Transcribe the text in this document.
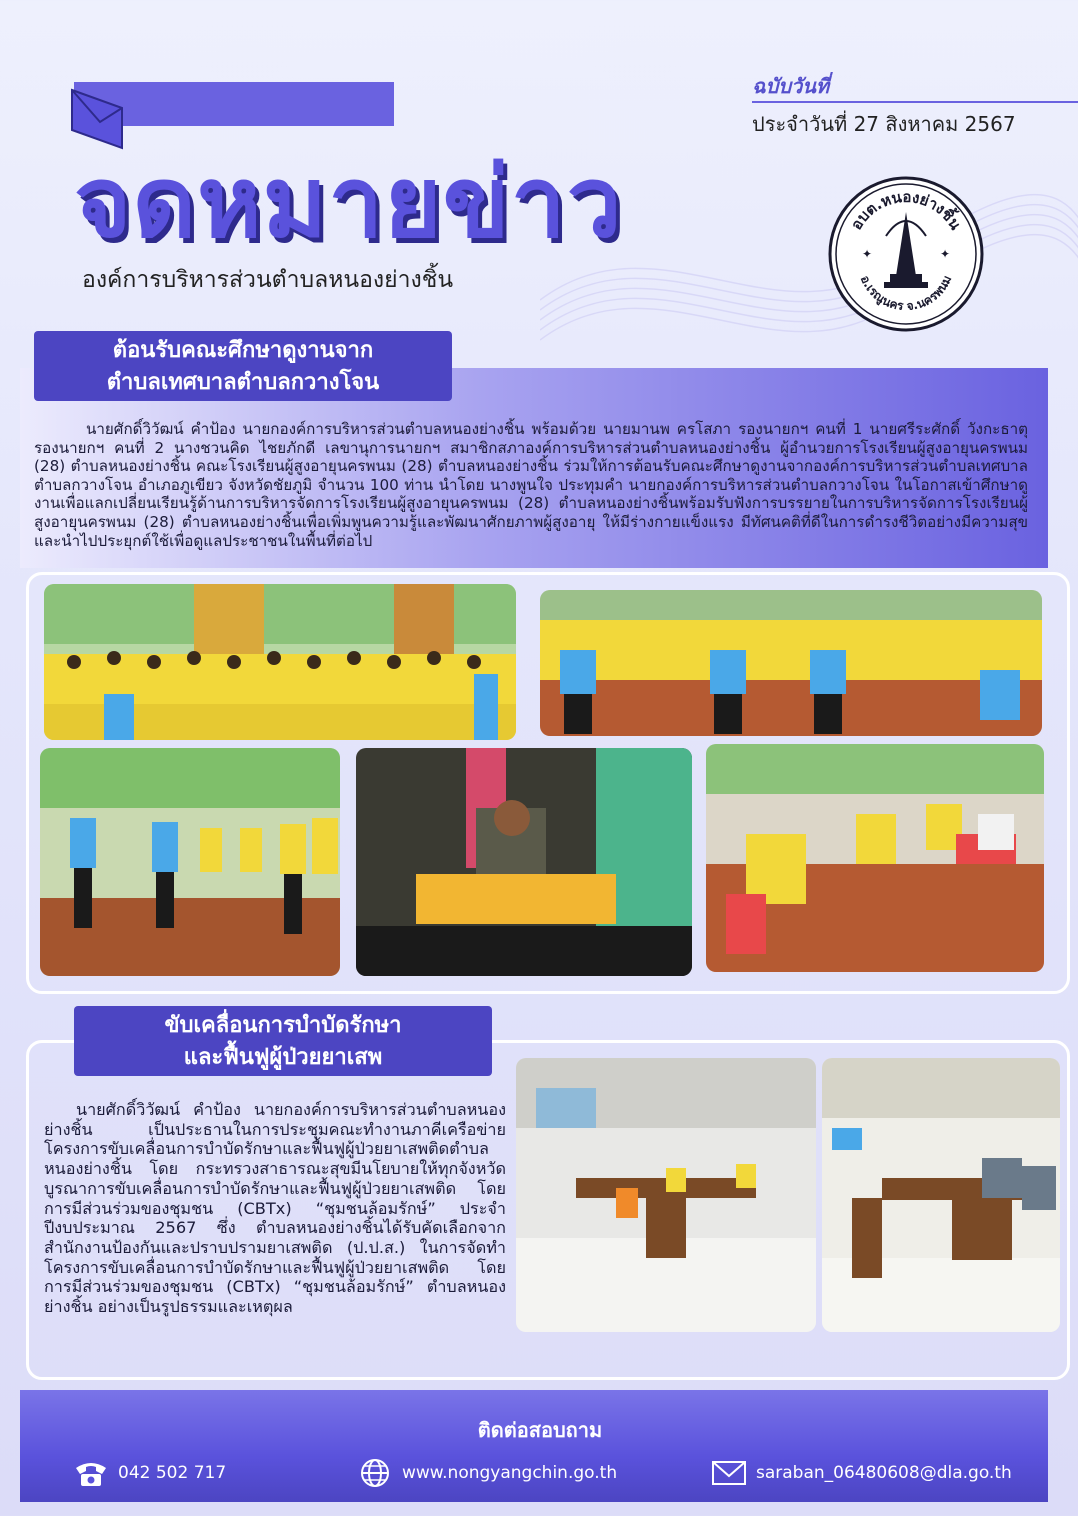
ฉบับวันที่
ประจำวันที่ 27 สิงหาคม 2567
จดหมายข่าว
องค์การบริหารส่วนตำบลหนองย่างชิ้น
อบต.หนองย่างชิ้น
อ.เรณูนคร จ.นครพนม
✦	✦
ต้อนรับคณะศึกษาดูงานจาก
ตำบลเทศบาลตำบลกวางโจน
นายศักดิ์วิวัฒน์ คำป้อง นายกองค์การบริหารส่วนตำบลหนองย่างชิ้น พร้อมด้วย นายมานพ ครโสภา รองนายกฯ คนที่ 1 นายศรีระศักดิ์ วังกะธาตุ รองนายกฯ คนที่ 2 นางชวนคิด ไชยภักดี เลขานุการนายกฯ สมาชิกสภาองค์การบริหารส่วนตำบลหนองย่างชิ้น ผู้อำนวยการโรงเรียนผู้สูงอายุนครพนม (28) ตำบลหนองย่างชิ้น คณะโรงเรียนผู้สูงอายุนครพนม (28) ตำบลหนองย่างชิ้น ร่วมให้การต้อนรับคณะศึกษาดูงานจากองค์การบริหารส่วนตำบลเทศบาลตำบลกวางโจน อำเภอภูเขียว จังหวัดชัยภูมิ จำนวน 100 ท่าน นำโดย นางพูนใจ ประทุมคำ นายกองค์การบริหารส่วนตำบลกวางโจน ในโอกาสเข้าศึกษาดูงานเพื่อแลกเปลี่ยนเรียนรู้ด้านการบริหารจัดการโรงเรียนผู้สูงอายุนครพนม (28) ตำบลหนองย่างชิ้นพร้อมรับฟังการบรรยายในการบริหารจัดการโรงเรียนผู้สูงอายุนครพนม (28) ตำบลหนองย่างชิ้นเพื่อเพิ่มพูนความรู้และพัฒนาศักยภาพผู้สูงอายุ ให้มีร่างกายแข็งแรง มีทัศนคติที่ดีในการดำรงชีวิตอย่างมีความสุขและนำไปประยุกต์ใช้เพื่อดูแลประชาชนในพื้นที่ต่อไป
ขับเคลื่อนการบำบัดรักษา
และฟื้นฟูผู้ป่วยยาเสพ
นายศักดิ์วิวัฒน์ คำป้อง นายกองค์การบริหารส่วนตำบลหนองย่างชิ้น เป็นประธานในการประชุมคณะทำงานภาคีเครือข่ายโครงการขับเคลื่อนการบำบัดรักษาและฟื้นฟูผู้ป่วยยาเสพติดตำบลหนองย่างชิ้น โดย กระทรวงสาธารณะสุขมีนโยบายให้ทุกจังหวัด บูรณาการขับเคลื่อนการบำบัดรักษาและฟื้นฟูผู้ป่วยยาเสพติด โดยการมีส่วนร่วมของชุมชน (CBTx) “ชุมชนล้อมรักษ์” ประจำปีงบประมาณ 2567 ซึ่ง ตำบลหนองย่างชิ้นได้รับคัดเลือกจากสำนักงานป้องกันและปราบปรามยาเสพติด (ป.ป.ส.) ในการจัดทำโครงการขับเคลื่อนการบำบัดรักษาและฟื้นฟูผู้ป่วยยาเสพติด โดยการมีส่วนร่วมของชุมชน (CBTx) “ชุมชนล้อมรักษ์” ตำบลหนองย่างชิ้น อย่างเป็นรูปธรรมและเหตุผล
ติดต่อสอบถาม
042 502 717	www.nongyangchin.go.th	saraban_06480608@dla.go.th
